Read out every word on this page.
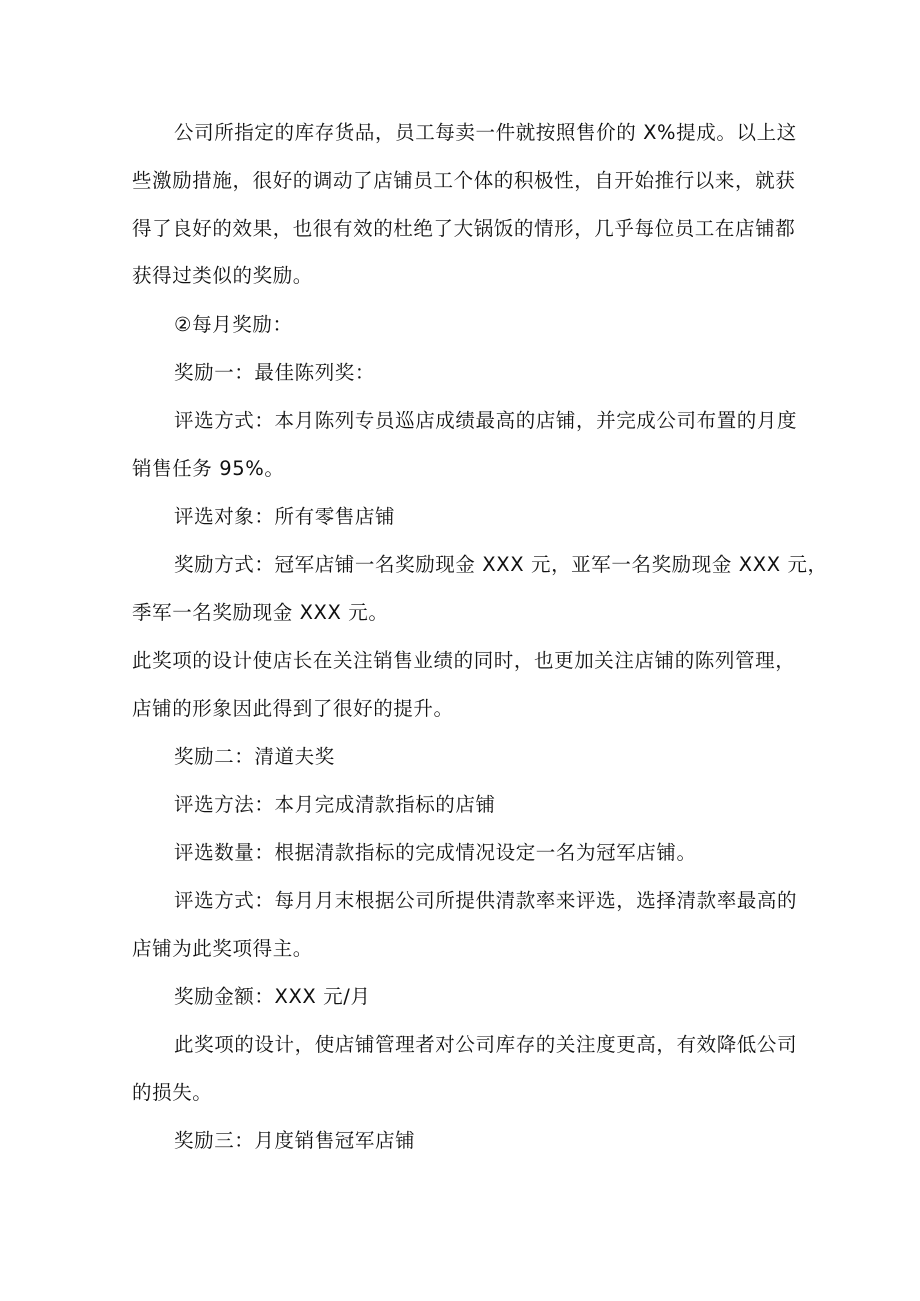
公司所指定的库存货品，员工每卖一件就按照售价的 X%提成。以上这
些激励措施，很好的调动了店铺员工个体的积极性，自开始推行以来，就获
得了良好的效果，也很有效的杜绝了大锅饭的情形，几乎每位员工在店铺都
获得过类似的奖励。
②每月奖励：
奖励一：最佳陈列奖：
评选方式：本月陈列专员巡店成绩最高的店铺，并完成公司布置的月度
销售任务 95%。
评选对象：所有零售店铺
奖励方式：冠军店铺一名奖励现金 XXX 元，亚军一名奖励现金 XXX 元，
季军一名奖励现金 XXX 元。
此奖项的设计使店长在关注销售业绩的同时，也更加关注店铺的陈列管理，
店铺的形象因此得到了很好的提升。
奖励二：清道夫奖
评选方法：本月完成清款指标的店铺
评选数量：根据清款指标的完成情况设定一名为冠军店铺。
评选方式：每月月末根据公司所提供清款率来评选，选择清款率最高的
店铺为此奖项得主。
奖励金额：XXX 元/月
此奖项的设计，使店铺管理者对公司库存的关注度更高，有效降低公司
的损失。
奖励三：月度销售冠军店铺
